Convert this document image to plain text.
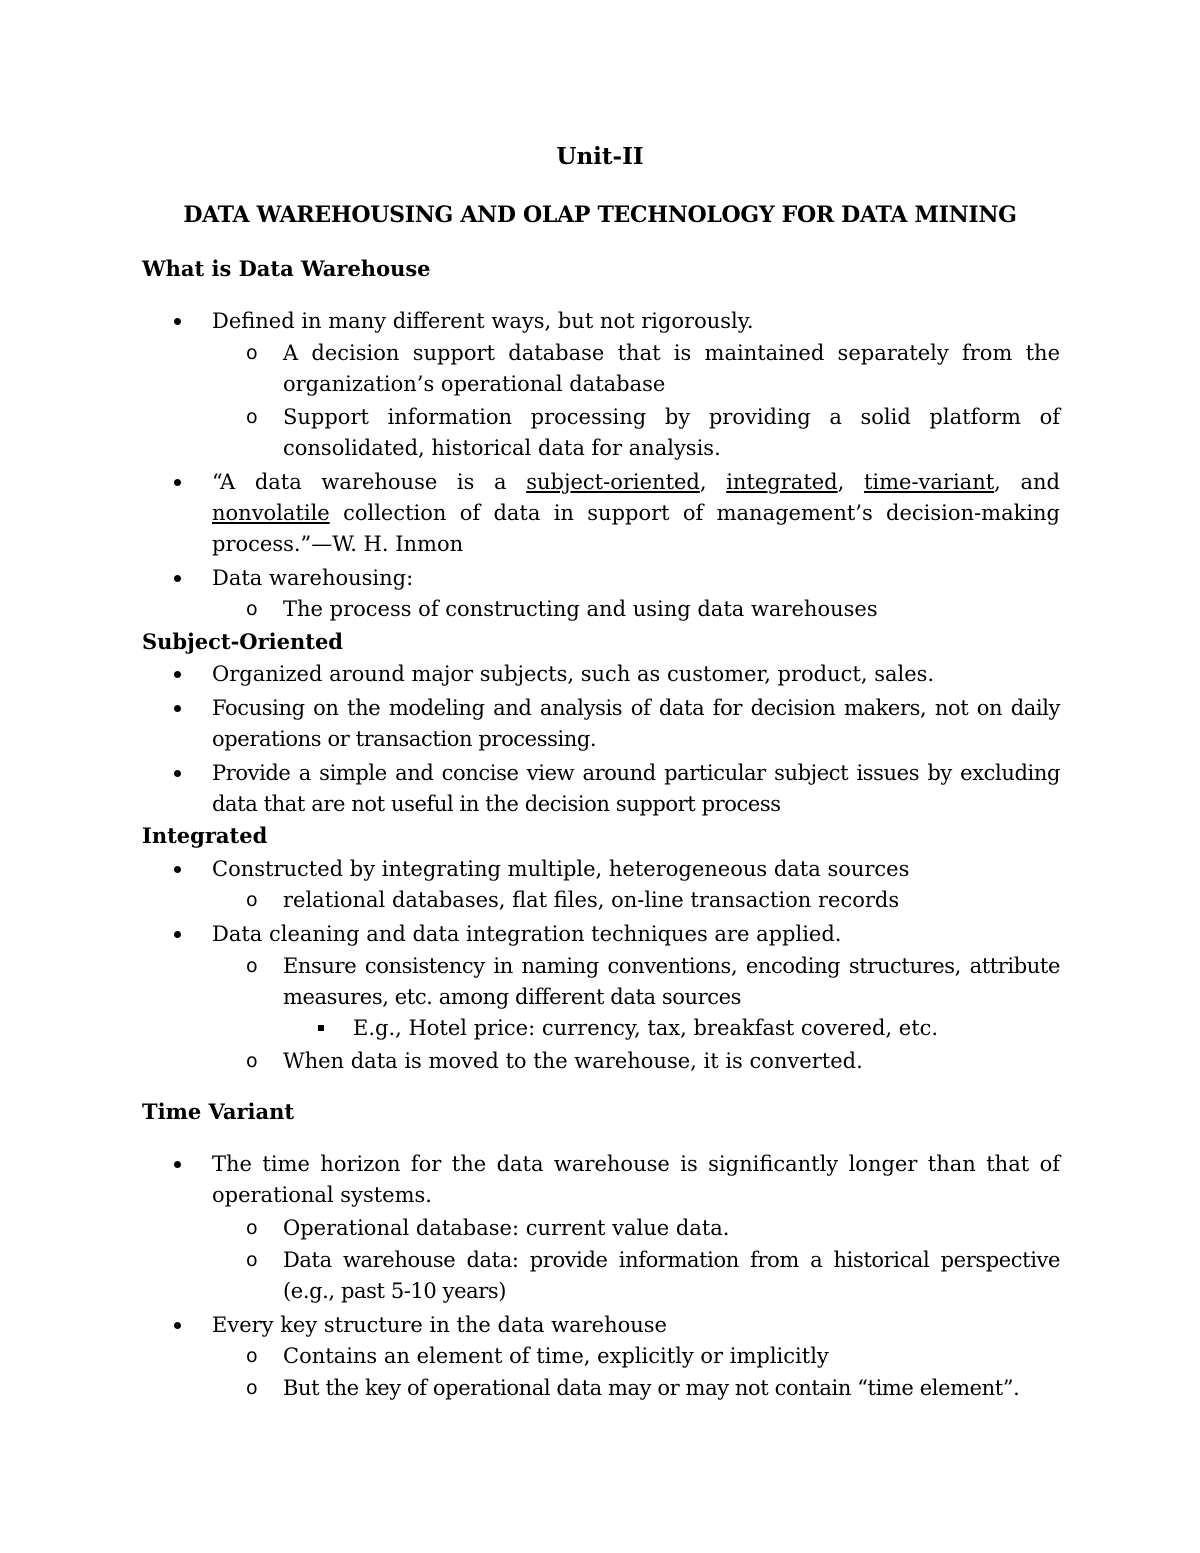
Unit-II
DATA WAREHOUSING AND OLAP TECHNOLOGY FOR DATA MINING
What is Data Warehouse
Defined in many different ways, but not rigorously.
o A decision support database that is maintained separately from the organization’s operational database
o Support information processing by providing a solid platform of consolidated, historical data for analysis.
“A data warehouse is a subject-oriented, integrated, time-variant, and nonvolatile collection of data in support of management’s decision-making process.”—W. H. Inmon
Data warehousing:
o The process of constructing and using data warehouses
Subject-Oriented
Organized around major subjects, such as customer, product, sales.
Focusing on the modeling and analysis of data for decision makers, not on daily operations or transaction processing.
Provide a simple and concise view around particular subject issues by excluding data that are not useful in the decision support process
Integrated
Constructed by integrating multiple, heterogeneous data sources
o relational databases, flat files, on-line transaction records
Data cleaning and data integration techniques are applied.
o Ensure consistency in naming conventions, encoding structures, attribute measures, etc. among different data sources
E.g., Hotel price: currency, tax, breakfast covered, etc.
o When data is moved to the warehouse, it is converted.
Time Variant
The time horizon for the data warehouse is significantly longer than that of operational systems.
o Operational database: current value data.
o Data warehouse data: provide information from a historical perspective (e.g., past 5-10 years)
Every key structure in the data warehouse
o Contains an element of time, explicitly or implicitly
o But the key of operational data may or may not contain “time element”.
